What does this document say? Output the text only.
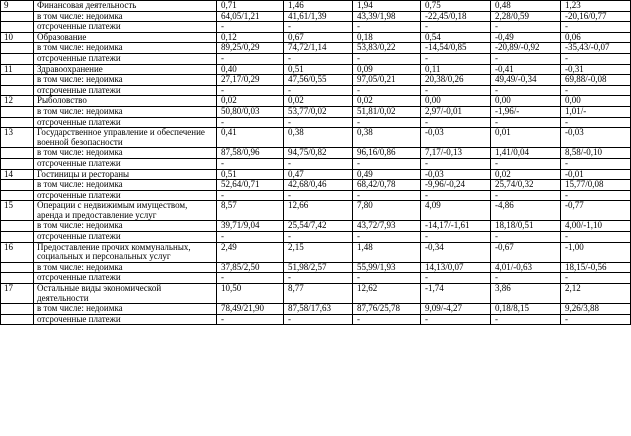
9	Финансовая деятельность	0,71	1,46	1,94	0,75	0,48	1,23
	в том числе: недоимка	64,05/1,21	41,61/1,39	43,39/1,98	-22,45/0,18	2,28/0,59	-20,16/0,77
	отсроченные платежи	-	-	-	-	-	-
10	Образование	0,12	0,67	0,18	0,54	-0,49	0,06
	в том числе: недоимка	89,25/0,29	74,72/1,14	53,83/0,22	-14,54/0,85	-20,89/-0,92	-35,43/-0,07
	отсроченные платежи	-	-	-	-	-	-
11	Здравоохранение	0,40	0,51	0,09	0,11	-0,41	-0,31
	в том числе: недоимка	27,17/0,29	47,56/0,55	97,05/0,21	20,38/0,26	49,49/-0,34	69,88/-0,08
	отсроченные платежи	-	-	-	-	-	-
12	Рыболовство	0,02	0,02	0,02	0,00	0,00	0,00
	в том числе: недоимка	50,80/0,03	53,77/0,02	51,81/0,02	2,97/-0,01	-1,96/-	1,01/-
	отсроченные платежи	-	-	-	-	-	-
13	Государственное управление и обеспечение военной безопасности	0,41	0,38	0,38	-0,03	0,01	-0,03
	в том числе: недоимка	87,58/0,96	94,75/0,82	96,16/0,86	7,17/-0,13	1,41/0,04	8,58/-0,10
	отсроченные платежи	-	-	-	-	-	-
14	Гостиницы и рестораны	0,51	0,47	0,49	-0,03	0,02	-0,01
	в том числе: недоимка	52,64/0,71	42,68/0,46	68,42/0,78	-9,96/-0,24	25,74/0,32	15,77/0,08
	отсроченные платежи	-	-	-	-	-	-
15	Операции с недвижимым имуществом, аренда и предоставление услуг	8,57	12,66	7,80	4,09	-4,86	-0,77
	в том числе: недоимка	39,71/9,04	25,54/7,42	43,72/7,93	-14,17/-1,61	18,18/0,51	4,00/-1,10
	отсроченные платежи	-	-	-	-	-	-
16	Предоставление прочих коммунальных, социальных и персональных услуг	2,49	2,15	1,48	-0,34	-0,67	-1,00
	в том числе: недоимка	37,85/2,50	51,98/2,57	55,99/1,93	14,13/0,07	4,01/-0,63	18,15/-0,56
	отсроченные платежи	-	-	-	-	-	-
17	Остальные виды экономической деятельности	10,50	8,77	12,62	-1,74	3,86	2,12
	в том числе: недоимка	78,49/21,90	87,58/17,63	87,76/25,78	9,09/-4,27	0,18/8,15	9,26/3,88
	отсроченные платежи	-	-	-	-	-	-
